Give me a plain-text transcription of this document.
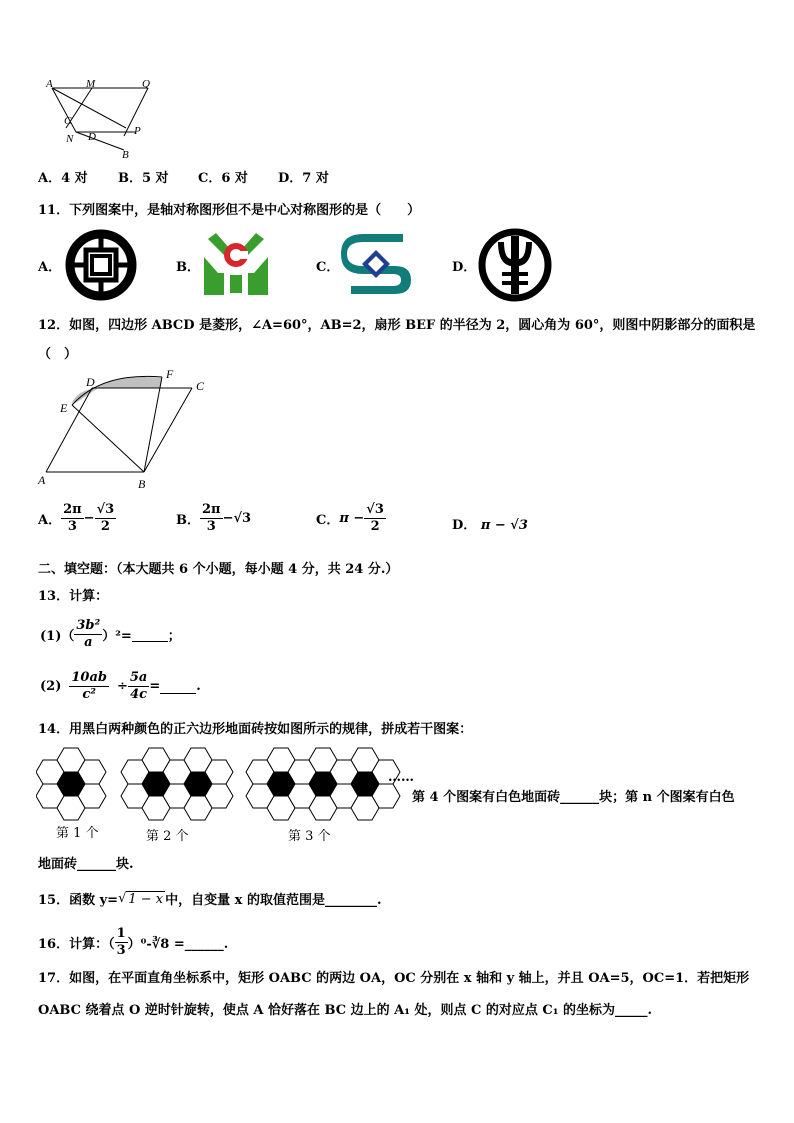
A	M	Q
C
N D	P
B
A．4 对 B．5 对 C．6 对 D．7 对
11．下列图案中，是轴对称图形但不是中心对称图形的是（　　）
A．	B．	C．	D．
12．如图，四边形 ABCD 是菱形，∠A=60°，AB=2，扇形 BEF 的半径为 2，圆心角为 60°，则图中阴影部分的面积是
（　）
D
F
C
E
A	B
A． $\frac{2\pi}{3} - \frac{√3}{2}$	B． $\frac{2\pi}{3} -√3$	C． $\pi - \frac{√3}{2}$	D． π − √3
二、填空题：（本大题共 6 个小题，每小题 4 分，共 24 分.）
13．计算：
$(1)( \frac{\text{3b²}}{a} )^2=$	；
$(2) \frac{10ab}{\text{c²}} \div \frac{5a}{4c}$ =	.
14．用黑白两种颜色的正六边形地面砖按如图所示的规律，拼成若干图案：
第 1 个	第 2 个	第 3 个
……
第 4 个图案有白色地面砖______块；第 n 个图案有白色
地面砖______块.
15．函数 y= √ 1 − x 中，自变量 x 的取值范围是________.
16．计算：（ $\frac{1}{3}$ ）⁰-∛8 =______.
17．如图，在平面直角坐标系中，矩形 OABC 的两边 OA，OC 分别在 x 轴和 y 轴上，并且 OA=5，OC=1．若把矩形
OABC 绕着点 O 逆时针旋转，使点 A 恰好落在 BC 边上的 A₁ 处，则点 C 的对应点 C₁ 的坐标为_____.
